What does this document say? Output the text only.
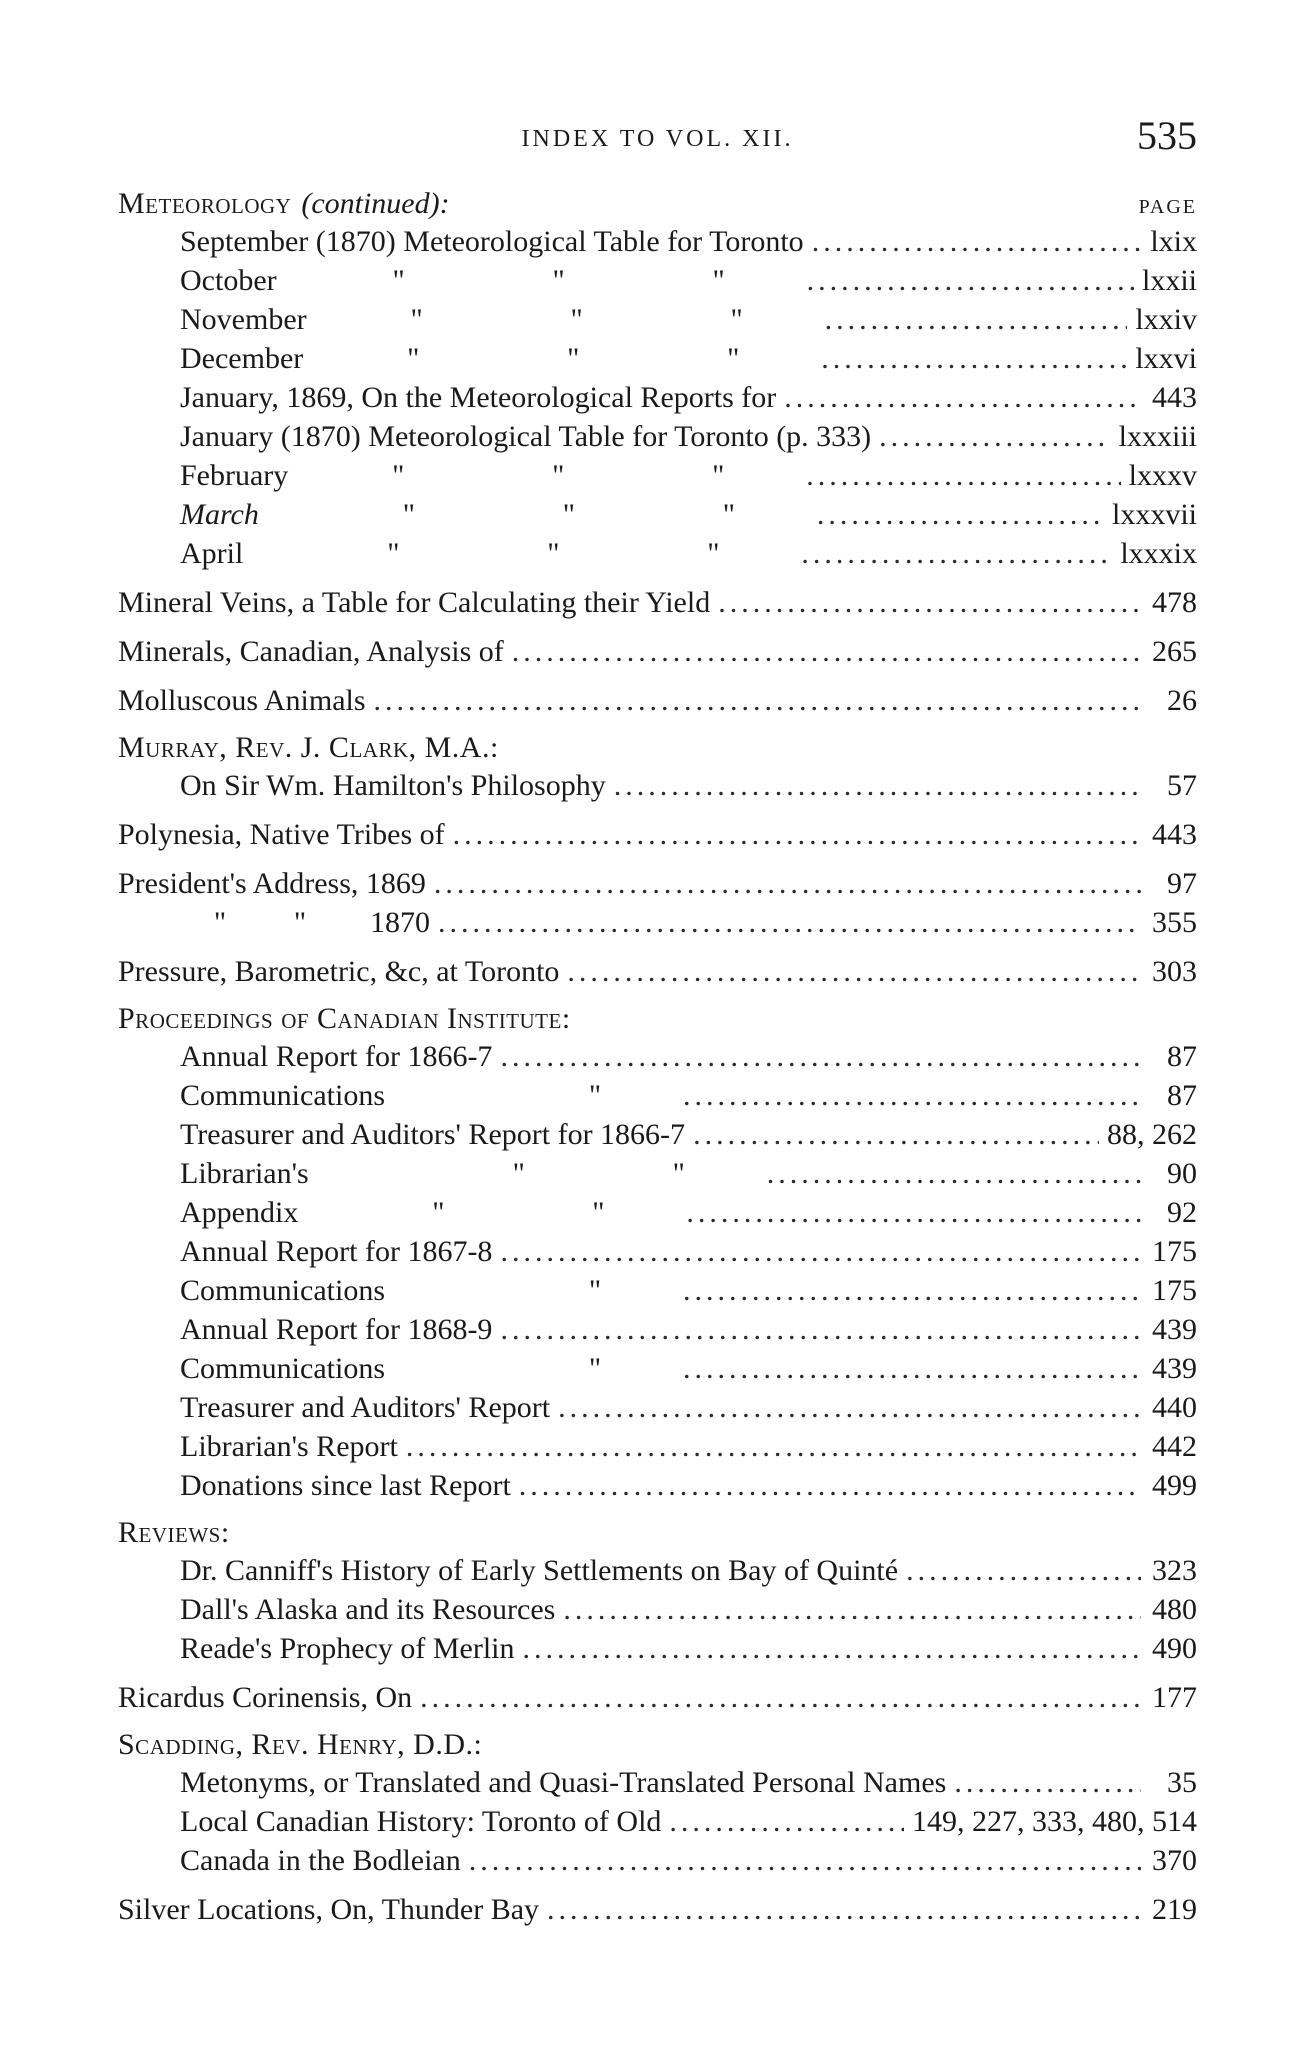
INDEX TO VOL. XII.	535
Meteorology (continued):	PAGE
September (1870) Meteorological Table for Toronto .....	lxix
October	"	"	" .....	lxxii
November	"	"	" .....	lxxiv
December	"	"	" .....	lxxvi
January, 1869, On the Meteorological Reports for .....	443
January (1870) Meteorological Table for Toronto (p. 333) .....	lxxxiii
February	"	"	" .....	lxxxv
March	"	"	" .....	lxxxvii
April	"	"	" .....	lxxxix
Mineral Veins, a Table for Calculating their Yield .....	478
Minerals, Canadian, Analysis of .....	265
Molluscous Animals .....	26
Murray, Rev. J. Clark, M.A.:
On Sir Wm. Hamilton's Philosophy .....	57
Polynesia, Native Tribes of .....	443
President's Address, 1869 .....	97
"	"	1870 .....	355
Pressure, Barometric, &c, at Toronto .....	303
Proceedings of Canadian Institute:
Annual Report for 1866-7 .....	87
Communications	" .....	87
Treasurer and Auditors' Report for 1866-7 .....	88, 262
Librarian's	"	" .....	90
Appendix	"	" .....	92
Annual Report for 1867-8 .....	175
Communications	" .....	175
Annual Report for 1868-9 .....	439
Communications	" .....	439
Treasurer and Auditors' Report .....	440
Librarian's Report .....	442
Donations since last Report .....	499
Reviews:
Dr. Canniff's History of Early Settlements on Bay of Quinté .....	323
Dall's Alaska and its Resources .....	480
Reade's Prophecy of Merlin .....	490
Ricardus Corinensis, On .....	177
Scadding, Rev. Henry, D.D.:
Metonyms, or Translated and Quasi-Translated Personal Names .....	35
Local Canadian History: Toronto of Old .....	149, 227, 333, 480, 514
Canada in the Bodleian .....	370
Silver Locations, On, Thunder Bay .....	219
